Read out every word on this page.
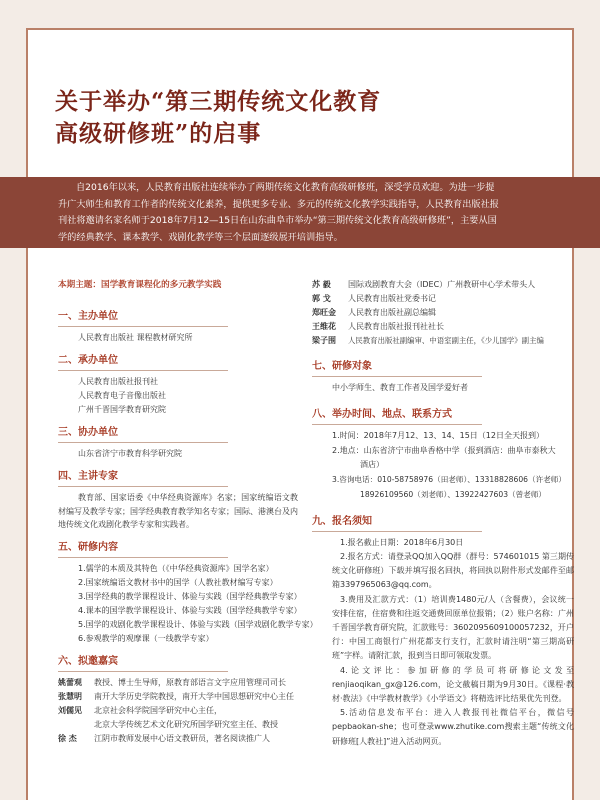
关于举办“第三期传统文化教育
高级研修班”的启事
自2016年以来，人民教育出版社连续举办了两期传统文化教育高级研修班，深受学员欢迎。为进一步提
升广大师生和教育工作者的传统文化素养，提供更多专业、多元的传统文化教学实践指导，人民教育出版社报
刊社将邀请名家名师于2018年7月12—15日在山东曲阜市举办“第三期传统文化教育高级研修班”，主要从国
学的经典教学、课本教学、戏剧化教学等三个层面逐级展开培训指导。
本期主题：国学教育课程化的多元教学实践
一、主办单位
人民教育出版社 课程教材研究所
二、承办单位
人民教育出版社报刊社
人民教育电子音像出版社
广州千晋国学教育研究院
三、协办单位
山东省济宁市教育科学研究院
四、主讲专家
教育部、国家语委《中华经典资源库》名家；国家统编语文教材编写及教学专家；国学经典教育教学知名专家；国际、港澳台及内地传统文化戏剧化教学专家和实践者。
五、研修内容
1.儒学的本质及其特色（《中华经典资源库》国学名家）
2.国家统编语文教材书中的国学（人教社教材编写专家）
3.国学经典的教学课程设计、体验与实践（国学经典教学专家）
4.课本的国学教学课程设计、体验与实践（国学经典教学专家）
5.国学的戏剧化教学课程设计、体验与实践（国学戏剧化教学专家）
6.参观教学的观摩课（一线教学专家）
六、拟邀嘉宾
姚蕾观	教授、博士生导师，原教育部语言文字应用管理司司长
张慧明	南开大学历史学院教授，南开大学中国思想研究中心主任
刘儒见	北京社会科学院国学研究中心主任，
北京大学传统艺术文化研究所国学研究室主任、教授
徐 杰	江阴市教师发展中心语文教研员，著名阅读推广人
苏 毅	国际戏剧教育大会（IDEC）广州教研中心学术带头人
郭 戈	人民教育出版社党委书记
郑旺金	人民教育出版社副总编辑
王维花	人民教育出版社报刊社社长
梁子围	人民教育出版社副编审、中语室副主任，《少儿国学》副主编
七、研修对象
中小学师生、教育工作者及国学爱好者
八、举办时间、地点、联系方式
1.时间：2018年7月12、13、14、15日（12日全天报到）
2.地点：山东省济宁市曲阜香格中学（报到酒店：曲阜市泰秋大
酒店）
3.咨询电话：010-58758976（田老师）、13318828606（许老师）
18926109560（刘老师）、13922427603（曾老师）
九、报名须知
1.报名截止日期：2018年6月30日
2.报名方式：请登录QQ加入QQ群（群号：574601015 第三期传统文化研修班）下载并填写报名回执，将回执以附件形式发邮件至邮箱3397965063@qq.com。
3.费用及汇款方式：（1）培训费1480元/人（含餐费），会议统一安排住宿，住宿费和往返交通费回原单位报销；（2）账户名称：广州千晋国学教育研究院，汇款账号：3602095609100057232，开户行：中国工商银行广州花都支行支行，汇款时请注明“第三期高研班”字样。请附汇款，报到当日即可领取发票。
4.论文评比：参加研修的学员可将研修论文发至renjiaoqikan_gx@126.com，论文截稿日期为9月30日。《课程·教材·教法》《中学教材教学》《小学语文》将精选评比结果优先刊登。
5.活动信息发布平台：进入人教报刊社微信平台，微信号pepbaokan-she；也可登录www.zhutike.com搜索主题“传统文化研修班[人教社]”进入活动网页。
